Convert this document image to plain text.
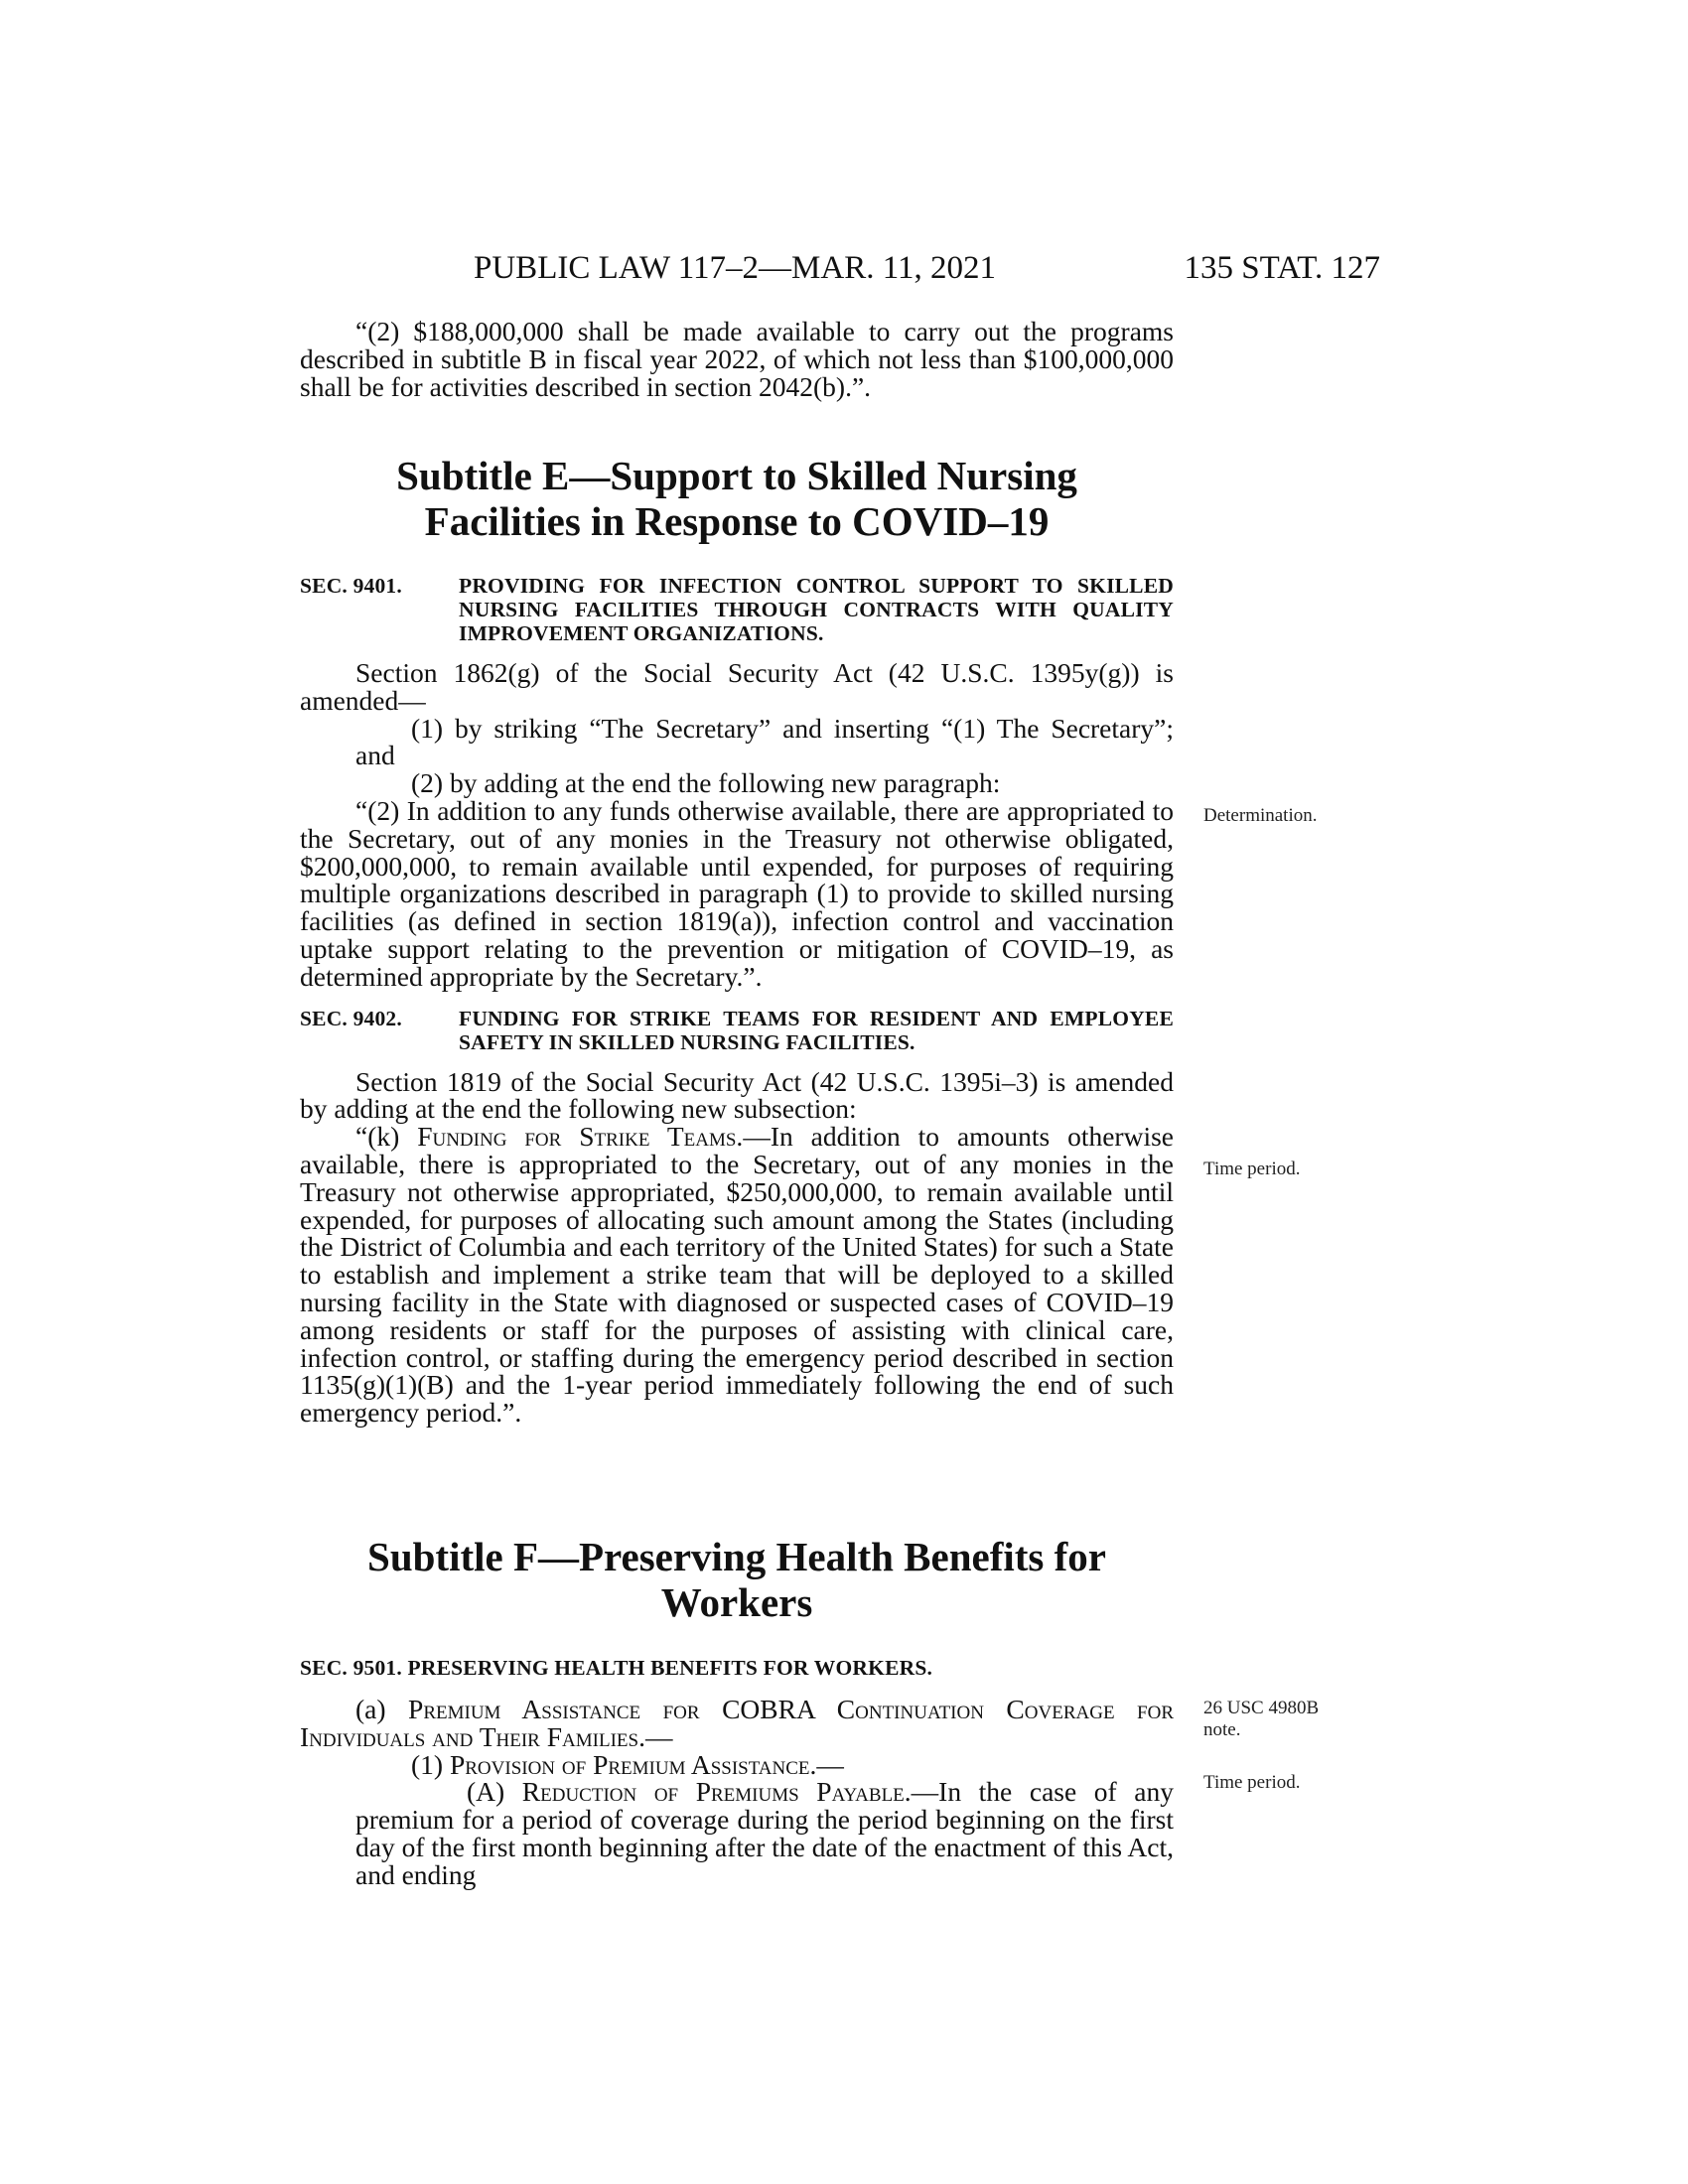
PUBLIC LAW 117–2—MAR. 11, 2021	135 STAT. 127

“(2) $188,000,000 shall be made available to carry out the programs described in subtitle B in fiscal year 2022, of which not less than $100,000,000 shall be for activities described in section 2042(b).”.

Subtitle E—Support to Skilled Nursing
Facilities in Response to COVID–19
SEC. 9401.	PROVIDING FOR INFECTION CONTROL SUPPORT TO SKILLED NURSING FACILITIES THROUGH CONTRACTS WITH QUALITY IMPROVEMENT ORGANIZATIONS.

Section 1862(g) of the Social Security Act (42 U.S.C. 1395y(g)) is amended—

(1) by striking “The Secretary” and inserting “(1) The Secretary”; and

(2) by adding at the end the following new paragraph:

“(2) In addition to any funds otherwise available, there are appropriated to the Secretary, out of any monies in the Treasury not otherwise obligated, $200,000,000, to remain available until expended, for purposes of requiring multiple organizations described in paragraph (1) to provide to skilled nursing facilities (as defined in section 1819(a)), infection control and vaccination uptake support relating to the prevention or mitigation of COVID–19, as determined appropriate by the Secretary.”.

SEC. 9402.	FUNDING FOR STRIKE TEAMS FOR RESIDENT AND EMPLOYEE SAFETY IN SKILLED NURSING FACILITIES.

Section 1819 of the Social Security Act (42 U.S.C. 1395i–3) is amended by adding at the end the following new subsection:

“(k) Funding for Strike Teams.—In addition to amounts otherwise available, there is appropriated to the Secretary, out of any monies in the Treasury not otherwise appropriated, $250,000,000, to remain available until expended, for purposes of allocating such amount among the States (including the District of Columbia and each territory of the United States) for such a State to establish and implement a strike team that will be deployed to a skilled nursing facility in the State with diagnosed or suspected cases of COVID–19 among residents or staff for the purposes of assisting with clinical care, infection control, or staffing during the emergency period described in section 1135(g)(1)(B) and the 1-year period immediately following the end of such emergency period.”.

Subtitle F—Preserving Health Benefits for
Workers
SEC. 9501. PRESERVING HEALTH BENEFITS FOR WORKERS.

(a) Premium Assistance for COBRA Continuation Coverage for Individuals and Their Families.—

(1) Provision of Premium Assistance.—

(A) Reduction of Premiums Payable.—In the case of any premium for a period of coverage during the period beginning on the first day of the first month beginning after the date of the enactment of this Act, and ending

Determination.
Time period.
26 USC 4980B
note.
Time period.
